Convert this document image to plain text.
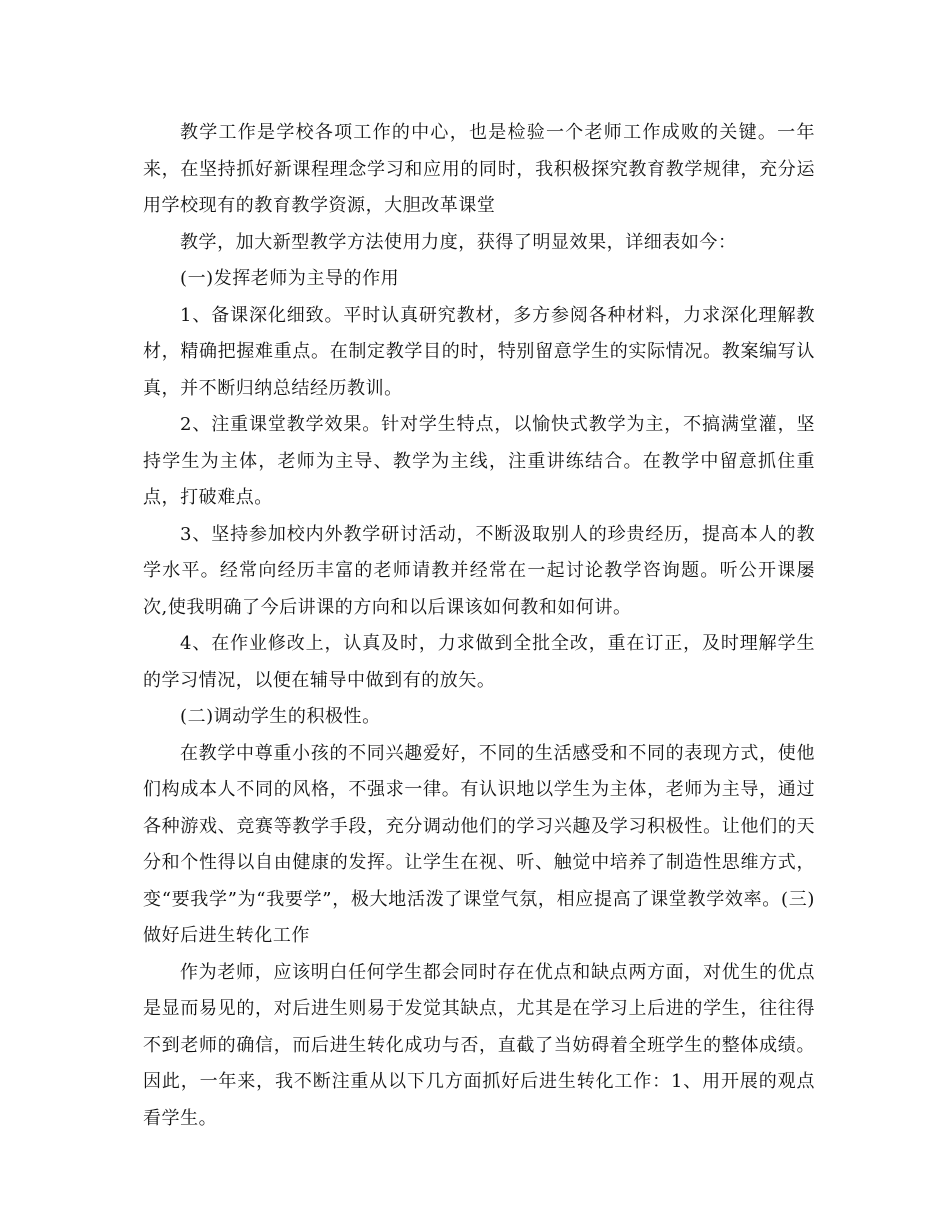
教学工作是学校各项工作的中心，也是检验一个老师工作成败的关键。一年来，在坚持抓好新课程理念学习和应用的同时，我积极探究教育教学规律，充分运用学校现有的教育教学资源，大胆改革课堂

教学，加大新型教学方法使用力度，获得了明显效果，详细表如今：

(一)发挥老师为主导的作用

1、备课深化细致。平时认真研究教材，多方参阅各种材料，力求深化理解教材，精确把握难重点。在制定教学目的时，特别留意学生的实际情况。教案编写认真，并不断归纳总结经历教训。

2、注重课堂教学效果。针对学生特点，以愉快式教学为主，不搞满堂灌，坚持学生为主体，老师为主导、教学为主线，注重讲练结合。在教学中留意抓住重点，打破难点。

3、坚持参加校内外教学研讨活动，不断汲取别人的珍贵经历，提高本人的教学水平。经常向经历丰富的老师请教并经常在一起讨论教学咨询题。听公开课屡次,使我明确了今后讲课的方向和以后课该如何教和如何讲。

4、在作业修改上，认真及时，力求做到全批全改，重在订正，及时理解学生的学习情况，以便在辅导中做到有的放矢。

(二)调动学生的积极性。

在教学中尊重小孩的不同兴趣爱好，不同的生活感受和不同的表现方式，使他们构成本人不同的风格，不强求一律。有认识地以学生为主体，老师为主导，通过各种游戏、竞赛等教学手段，充分调动他们的学习兴趣及学习积极性。让他们的天分和个性得以自由健康的发挥。让学生在视、听、触觉中培养了制造性思维方式，变“要我学”为“我要学”，极大地活泼了课堂气氛，相应提高了课堂教学效率。(三)做好后进生转化工作

作为老师，应该明白任何学生都会同时存在优点和缺点两方面，对优生的优点是显而易见的，对后进生则易于发觉其缺点，尤其是在学习上后进的学生，往往得不到老师的确信，而后进生转化成功与否，直截了当妨碍着全班学生的整体成绩。因此，一年来，我不断注重从以下几方面抓好后进生转化工作：1、用开展的观点看学生。
